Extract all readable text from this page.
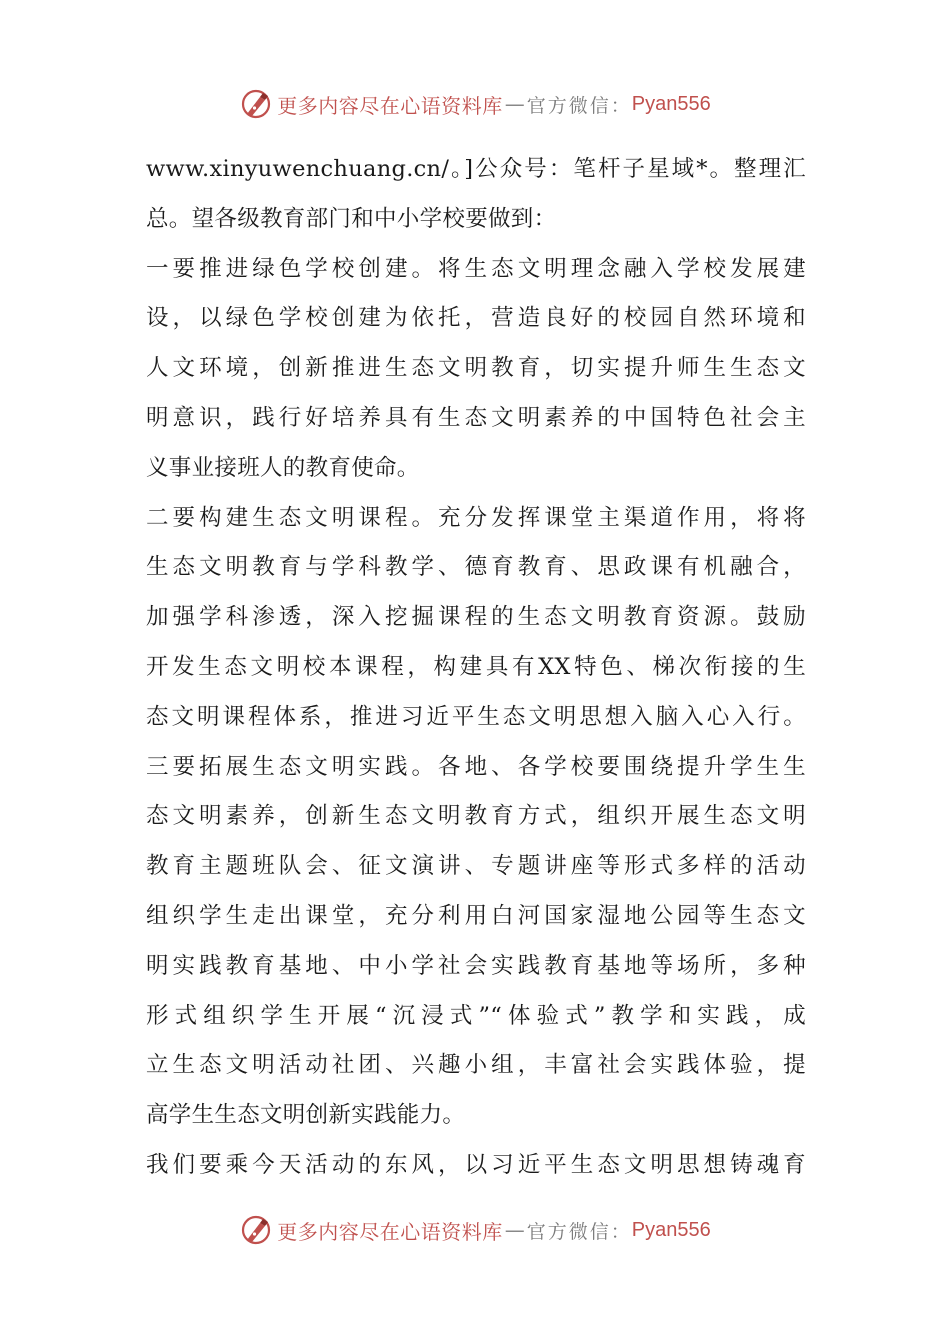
更多内容尽在心语资料库 — 官方微信： Pyan556
www.xinyuwenchuang.cn/。]公众号：笔杆子星域*。整理汇
总。望各级教育部门和中小学校要做到：
一要推进绿色学校创建。将生态文明理念融入学校发展建
设，以绿色学校创建为依托，营造良好的校园自然环境和
人文环境，创新推进生态文明教育，切实提升师生生态文
明意识，践行好培养具有生态文明素养的中国特色社会主
义事业接班人的教育使命。
二要构建生态文明课程。充分发挥课堂主渠道作用，将将
生态文明教育与学科教学、德育教育、思政课有机融合，
加强学科渗透，深入挖掘课程的生态文明教育资源。鼓励
开发生态文明校本课程，构建具有XX特色、梯次衔接的生
态文明课程体系，推进习近平生态文明思想入脑入心入行。
三要拓展生态文明实践。各地、各学校要围绕提升学生生
态文明素养，创新生态文明教育方式，组织开展生态文明
教育主题班队会、征文演讲、专题讲座等形式多样的活动
组织学生走出课堂，充分利用白河国家湿地公园等生态文
明实践教育基地、中小学社会实践教育基地等场所，多种
形式组织学生开展“沉浸式”“体验式”教学和实践，成
立生态文明活动社团、兴趣小组，丰富社会实践体验，提
高学生生态文明创新实践能力。
我们要乘今天活动的东风，以习近平生态文明思想铸魂育
更多内容尽在心语资料库 — 官方微信： Pyan556
